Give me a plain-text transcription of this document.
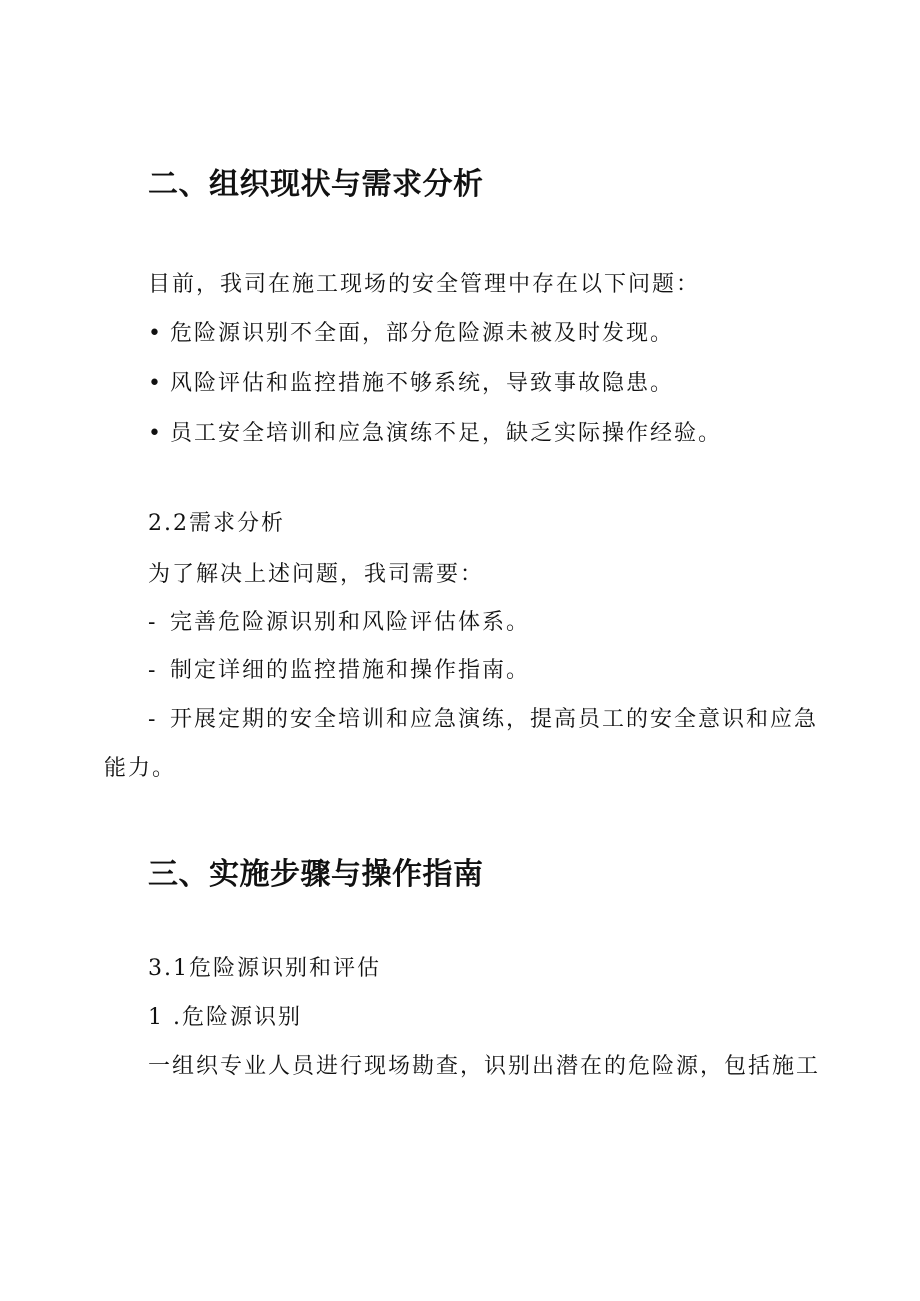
二、组织现状与需求分析

目前，我司在施工现场的安全管理中存在以下问题：

• 危险源识别不全面，部分危险源未被及时发现。
• 风险评估和监控措施不够系统，导致事故隐患。
• 员工安全培训和应急演练不足，缺乏实际操作经验。

2.2需求分析

为了解决上述问题，我司需要：

- 完善危险源识别和风险评估体系。
- 制定详细的监控措施和操作指南。
- 开展定期的安全培训和应急演练，提高员工的安全意识和应急

能力。

三、实施步骤与操作指南

3.1危险源识别和评估

1 .危险源识别

一组织专业人员进行现场勘查，识别出潜在的危险源，包括施工
